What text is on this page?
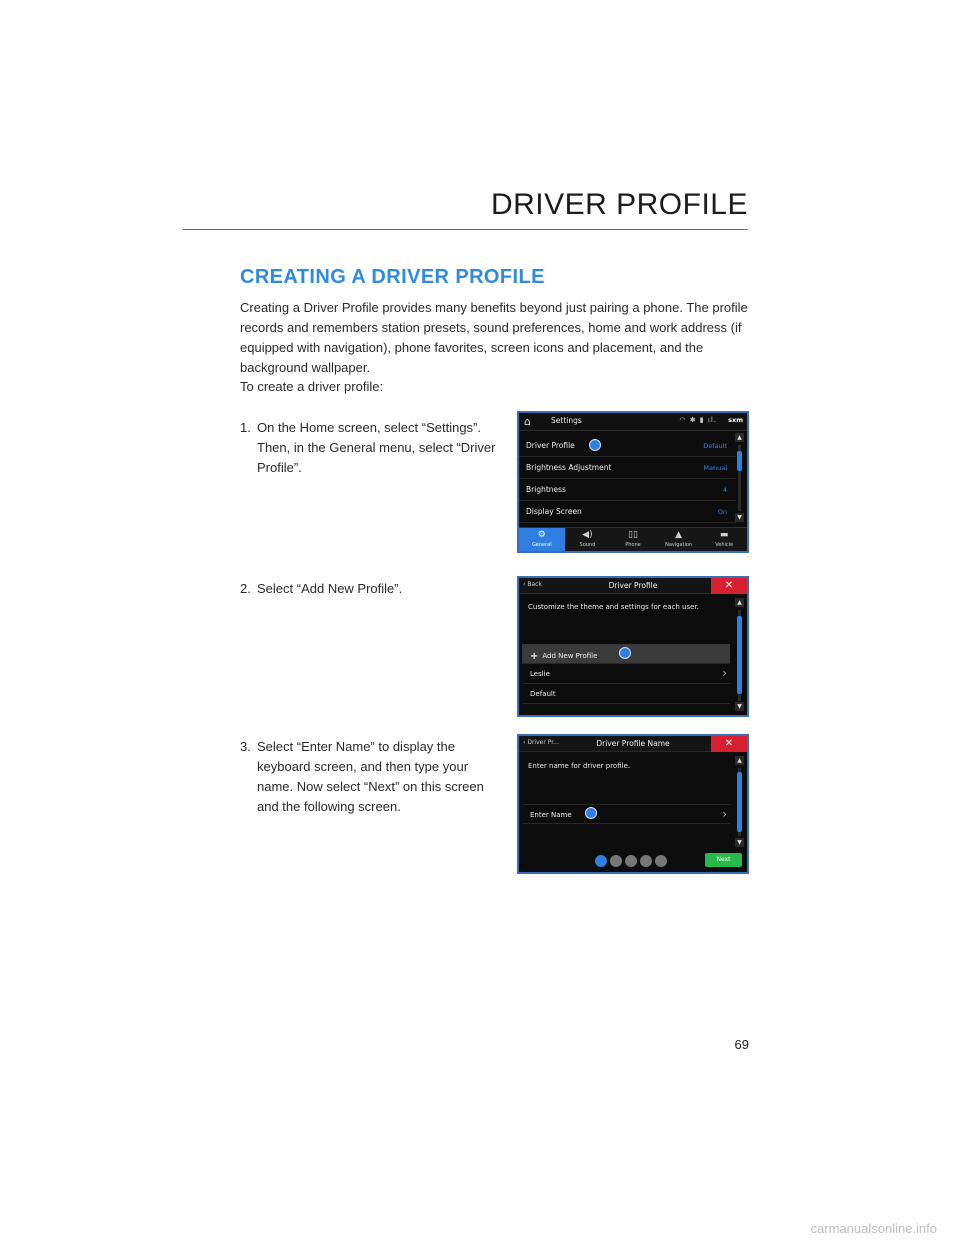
DRIVER PROFILE
CREATING A DRIVER PROFILE

Creating a Driver Profile provides many benefits beyond just pairing a phone. The profile records and remembers station presets, sound preferences, home and work address (if equipped with navigation), phone favorites, screen icons and placement, and the background wallpaper.

To create a driver profile:

1. On the Home screen, select “Settings”.
Then, in the General menu, select “Driver Profile”.
2. Select “Add New Profile”.
3. Select “Enter Name” to display the
keyboard screen, and then type your name. Now select “Next” on this screen and the following screen.
⌂	Settings	◠ ✱ ▮ ıl. sxm
Driver Profile	Default
Brightness Adjustment	Manual
Brightness	4
Display Screen	On
▲
▼
⚙
General
◀)
Sound
▯▯
Phone
▲
Navigation
▬
Vehicle
‹ Back	Driver Profile	✕

Customize the theme and settings for each user.

+ Add New Profile
Leslie	›
Default
▲
▼
‹ Driver Pr...	Driver Profile Name	✕

Enter name for driver profile.

Enter Name	›
▲
▼
Next
69
carmanualsonline.info
